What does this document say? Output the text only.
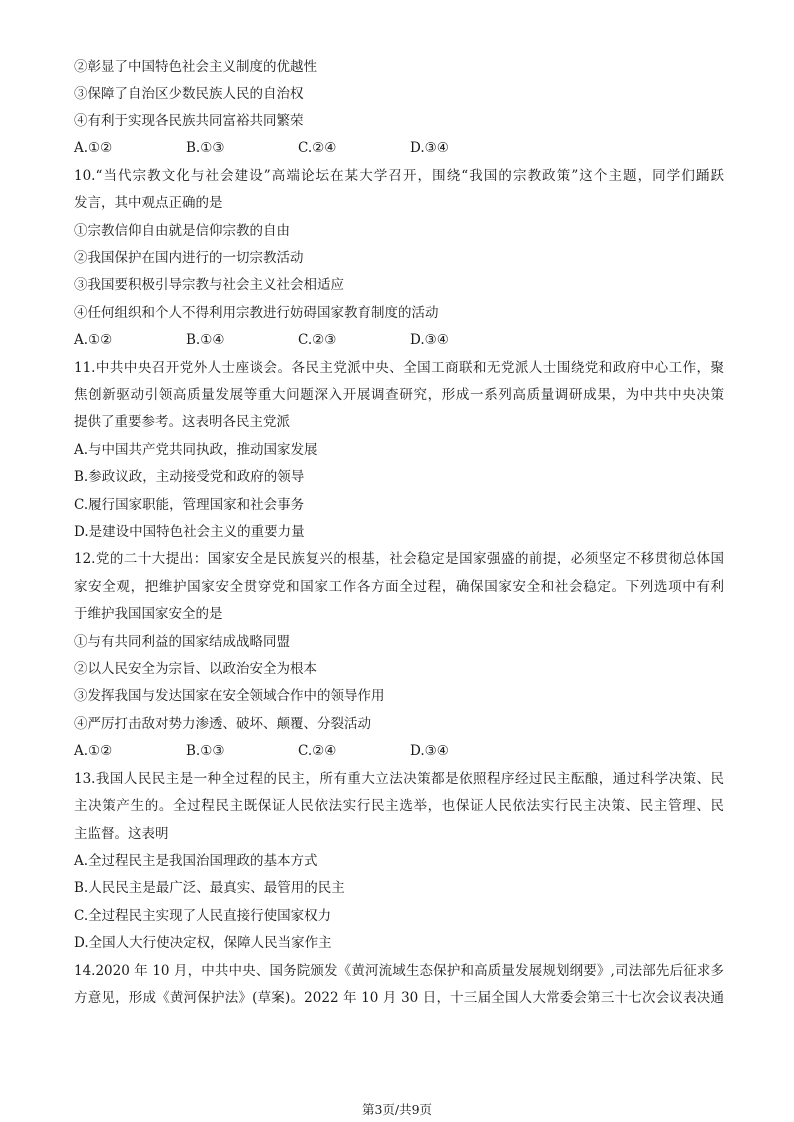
②彰显了中国特色社会主义制度的优越性
③保障了自治区少数民族人民的自治权
④有利于实现各民族共同富裕共同繁荣
A.①②	B.①③	C.②④	D.③④
10.“当代宗教文化与社会建设”高端论坛在某大学召开，围绕“我国的宗教政策”这个主题，同学们踊跃
发言，其中观点正确的是
①宗教信仰自由就是信仰宗教的自由
②我国保护在国内进行的一切宗教活动
③我国要积极引导宗教与社会主义社会相适应
④任何组织和个人不得利用宗教进行妨碍国家教育制度的活动
A.①②	B.①④	C.②③	D.③④
11.中共中央召开党外人士座谈会。各民主党派中央、全国工商联和无党派人士围绕党和政府中心工作，聚
焦创新驱动引领高质量发展等重大问题深入开展调查研究，形成一系列高质量调研成果，为中共中央决策
提供了重要参考。这表明各民主党派
A.与中国共产党共同执政，推动国家发展
B.参政议政，主动接受党和政府的领导
C.履行国家职能，管理国家和社会事务
D.是建设中国特色社会主义的重要力量
12.党的二十大提出：国家安全是民族复兴的根基，社会稳定是国家强盛的前提，必须坚定不移贯彻总体国
家安全观，把维护国家安全贯穿党和国家工作各方面全过程，确保国家安全和社会稳定。下列选项中有利
于维护我国国家安全的是
①与有共同利益的国家结成战略同盟
②以人民安全为宗旨、以政治安全为根本
③发挥我国与发达国家在安全领域合作中的领导作用
④严厉打击敌对势力渗透、破坏、颠覆、分裂活动
A.①②	B.①③	C.②④	D.③④
13.我国人民民主是一种全过程的民主，所有重大立法决策都是依照程序经过民主酝酿，通过科学决策、民
主决策产生的。全过程民主既保证人民依法实行民主选举，也保证人民依法实行民主决策、民主管理、民
主监督。这表明
A.全过程民主是我国治国理政的基本方式
B.人民民主是最广泛、最真实、最管用的民主
C.全过程民主实现了人民直接行使国家权力
D.全国人大行使决定权，保障人民当家作主
14.2020 年 10 月，中共中央、国务院颁发《黄河流域生态保护和高质量发展规划纲要》,司法部先后征求多
方意见，形成《黄河保护法》(草案)。2022 年 10 月 30 日，十三届全国人大常委会第三十七次会议表决通
第3页/共9页
